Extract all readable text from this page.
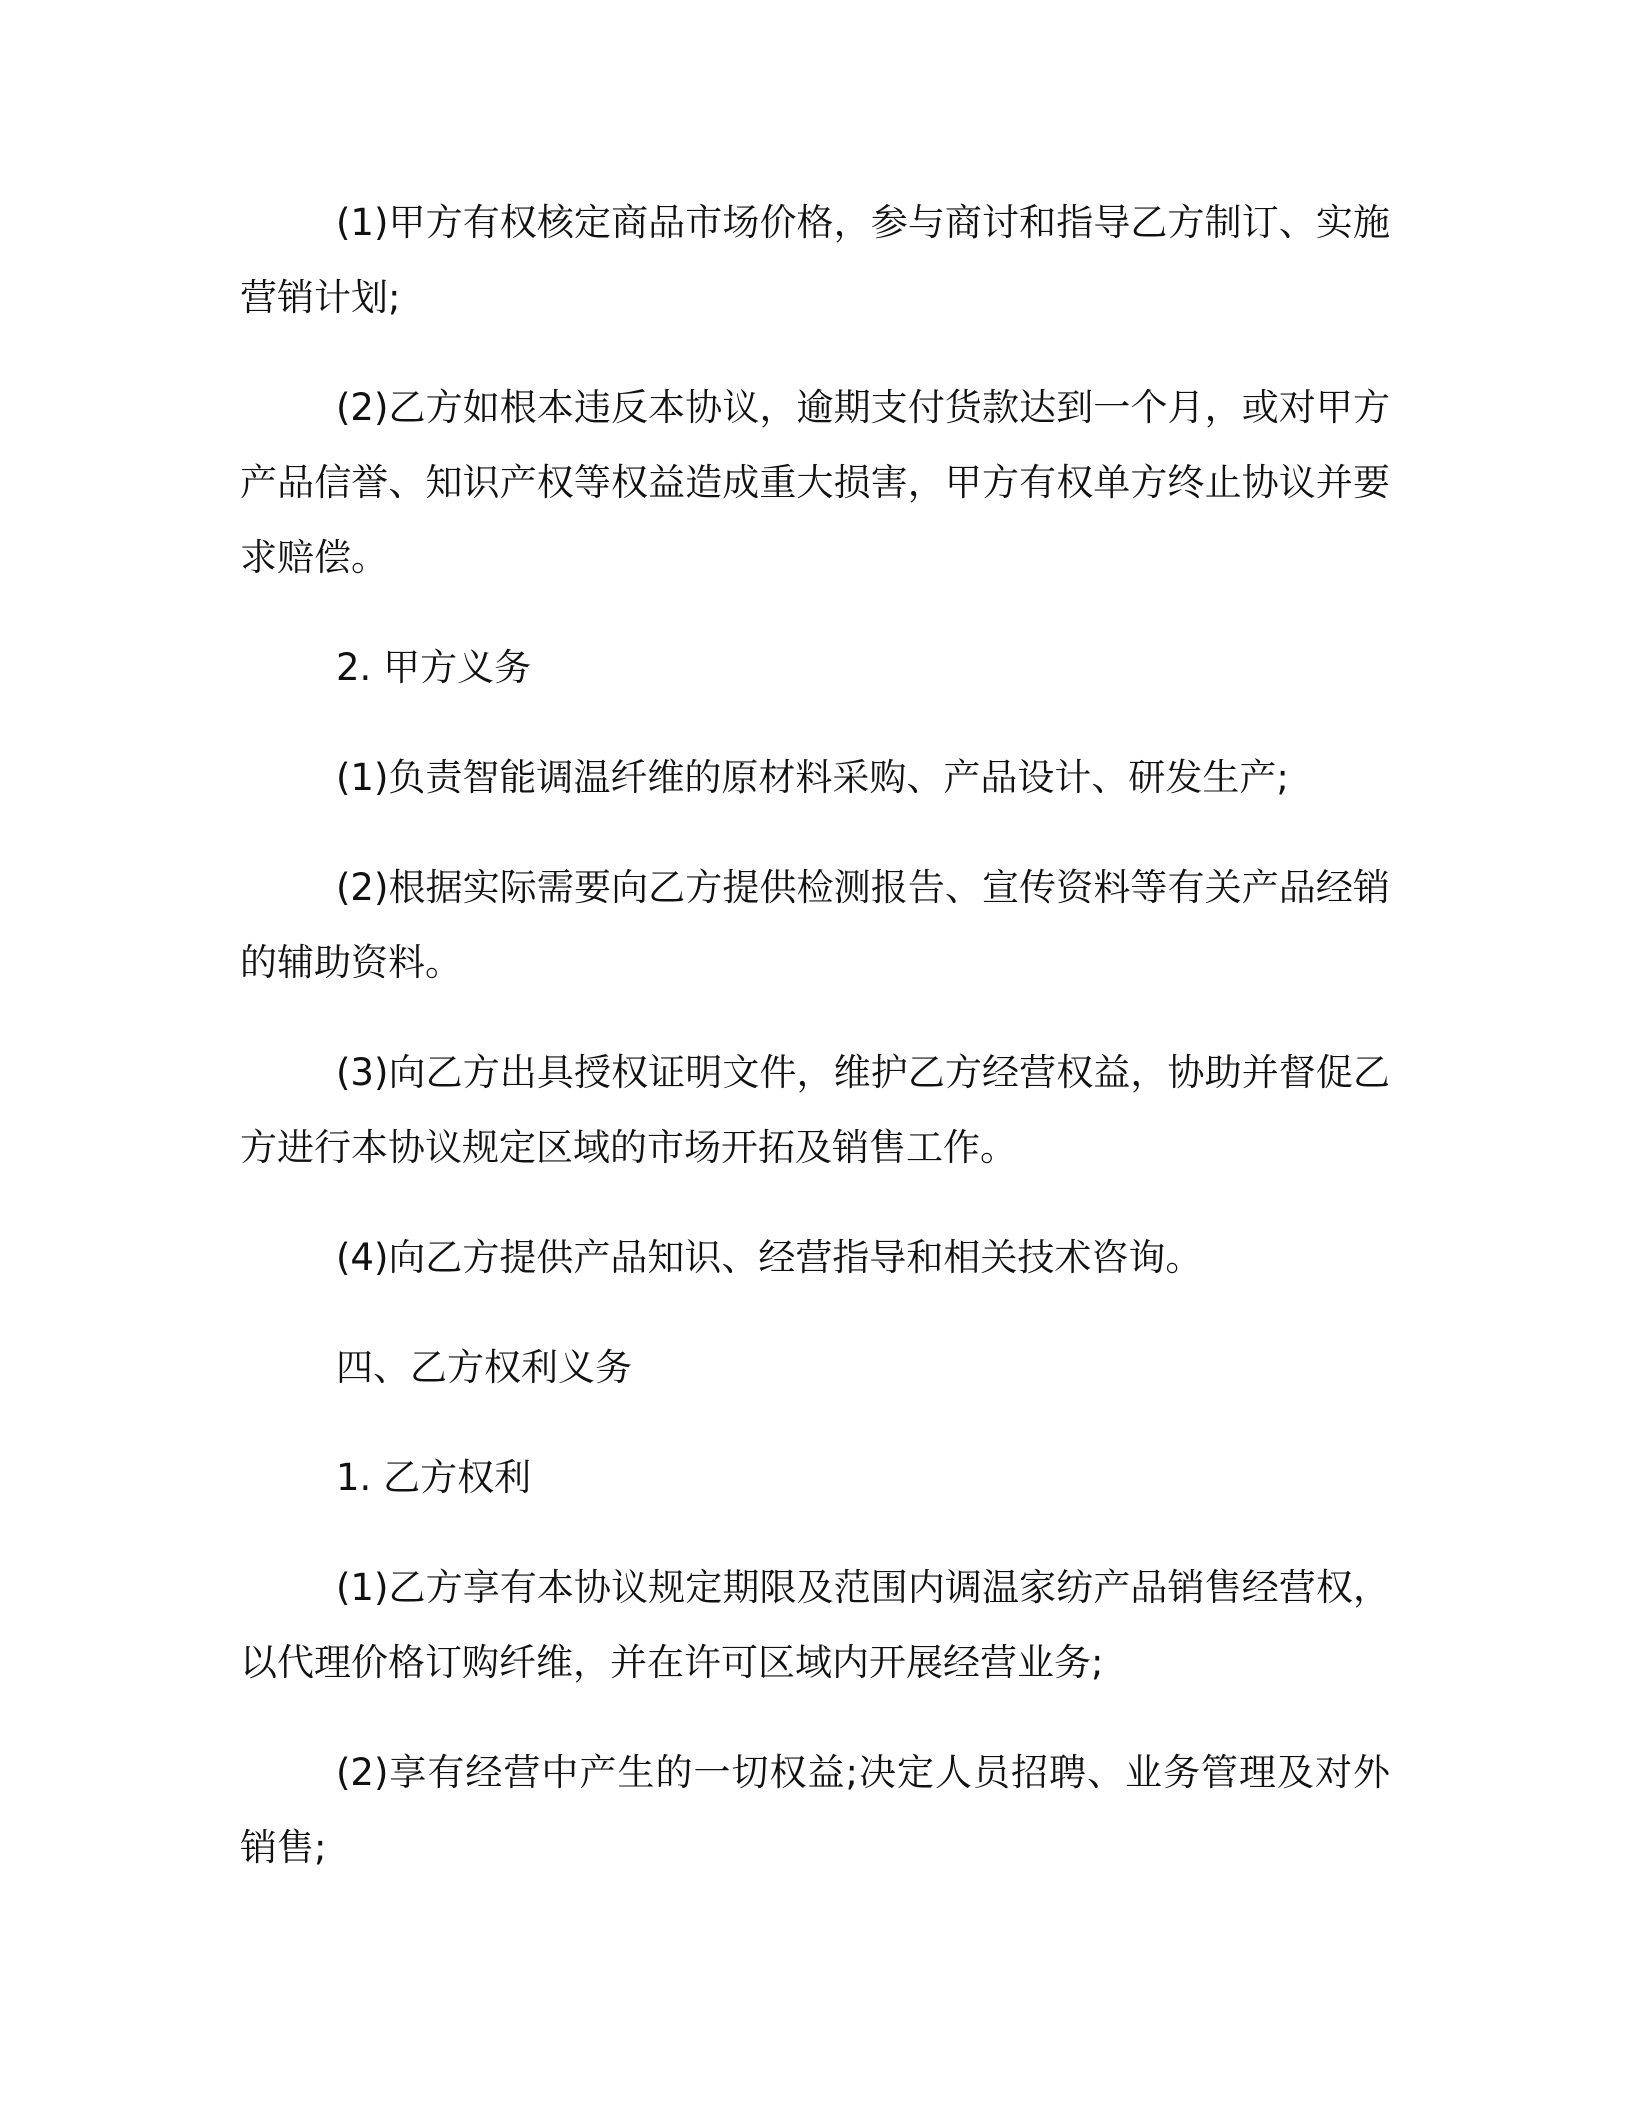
(1)甲方有权核定商品市场价格，参与商讨和指导乙方制订、实施营销计划;

(2)乙方如根本违反本协议，逾期支付货款达到一个月，或对甲方产品信誉、知识产权等权益造成重大损害，甲方有权单方终止协议并要求赔偿。

2. 甲方义务

(1)负责智能调温纤维的原材料采购、产品设计、研发生产;

(2)根据实际需要向乙方提供检测报告、宣传资料等有关产品经销的辅助资料。

(3)向乙方出具授权证明文件，维护乙方经营权益，协助并督促乙方进行本协议规定区域的市场开拓及销售工作。

(4)向乙方提供产品知识、经营指导和相关技术咨询。

四、乙方权利义务

1. 乙方权利

(1)乙方享有本协议规定期限及范围内调温家纺产品销售经营权，以代理价格订购纤维，并在许可区域内开展经营业务;

(2)享有经营中产生的一切权益;决定人员招聘、业务管理及对外销售;
